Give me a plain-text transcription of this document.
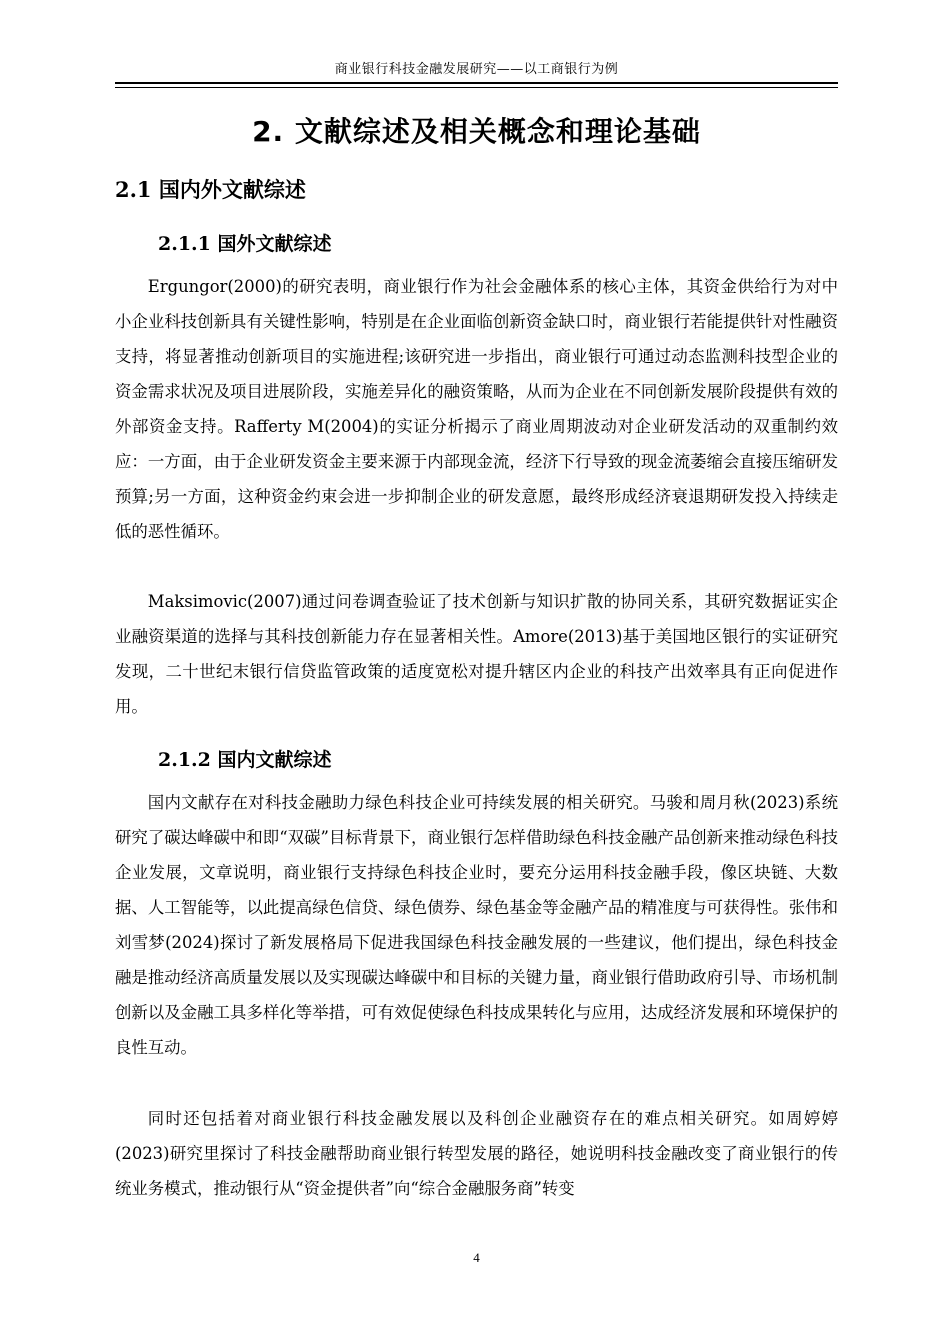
商业银行科技金融发展研究——以工商银行为例
2. 文献综述及相关概念和理论基础
2.1 国内外文献综述
2.1.1 国外文献综述

Ergungor(2000)的研究表明，商业银行作为社会金融体系的核心主体，其资金供给行为对中小企业科技创新具有关键性影响，特别是在企业面临创新资金缺口时，商业银行若能提供针对性融资支持，将显著推动创新项目的实施进程;该研究进一步指出，商业银行可通过动态监测科技型企业的资金需求状况及项目进展阶段，实施差异化的融资策略，从而为企业在不同创新发展阶段提供有效的外部资金支持。Rafferty M(2004)的实证分析揭示了商业周期波动对企业研发活动的双重制约效应：一方面，由于企业研发资金主要来源于内部现金流，经济下行导致的现金流萎缩会直接压缩研发预算;另一方面，这种资金约束会进一步抑制企业的研发意愿，最终形成经济衰退期研发投入持续走低的恶性循环。

Maksimovic(2007)通过问卷调查验证了技术创新与知识扩散的协同关系，其研究数据证实企业融资渠道的选择与其科技创新能力存在显著相关性。Amore(2013)基于美国地区银行的实证研究发现，二十世纪末银行信贷监管政策的适度宽松对提升辖区内企业的科技产出效率具有正向促进作用。

2.1.2 国内文献综述

国内文献存在对科技金融助力绿色科技企业可持续发展的相关研究。马骏和周月秋(2023)系统研究了碳达峰碳中和即“双碳”目标背景下，商业银行怎样借助绿色科技金融产品创新来推动绿色科技企业发展，文章说明，商业银行支持绿色科技企业时，要充分运用科技金融手段，像区块链、大数据、人工智能等，以此提高绿色信贷、绿色债券、绿色基金等金融产品的精准度与可获得性。张伟和刘雪梦(2024)探讨了新发展格局下促进我国绿色科技金融发展的一些建议，他们提出，绿色科技金融是推动经济高质量发展以及实现碳达峰碳中和目标的关键力量，商业银行借助政府引导、市场机制创新以及金融工具多样化等举措，可有效促使绿色科技成果转化与应用，达成经济发展和环境保护的良性互动。

同时还包括着对商业银行科技金融发展以及科创企业融资存在的难点相关研究。如周婷婷(2023)研究里探讨了科技金融帮助商业银行转型发展的路径，她说明科技金融改变了商业银行的传统业务模式，推动银行从“资金提供者”向“综合金融服务商”转变

4
